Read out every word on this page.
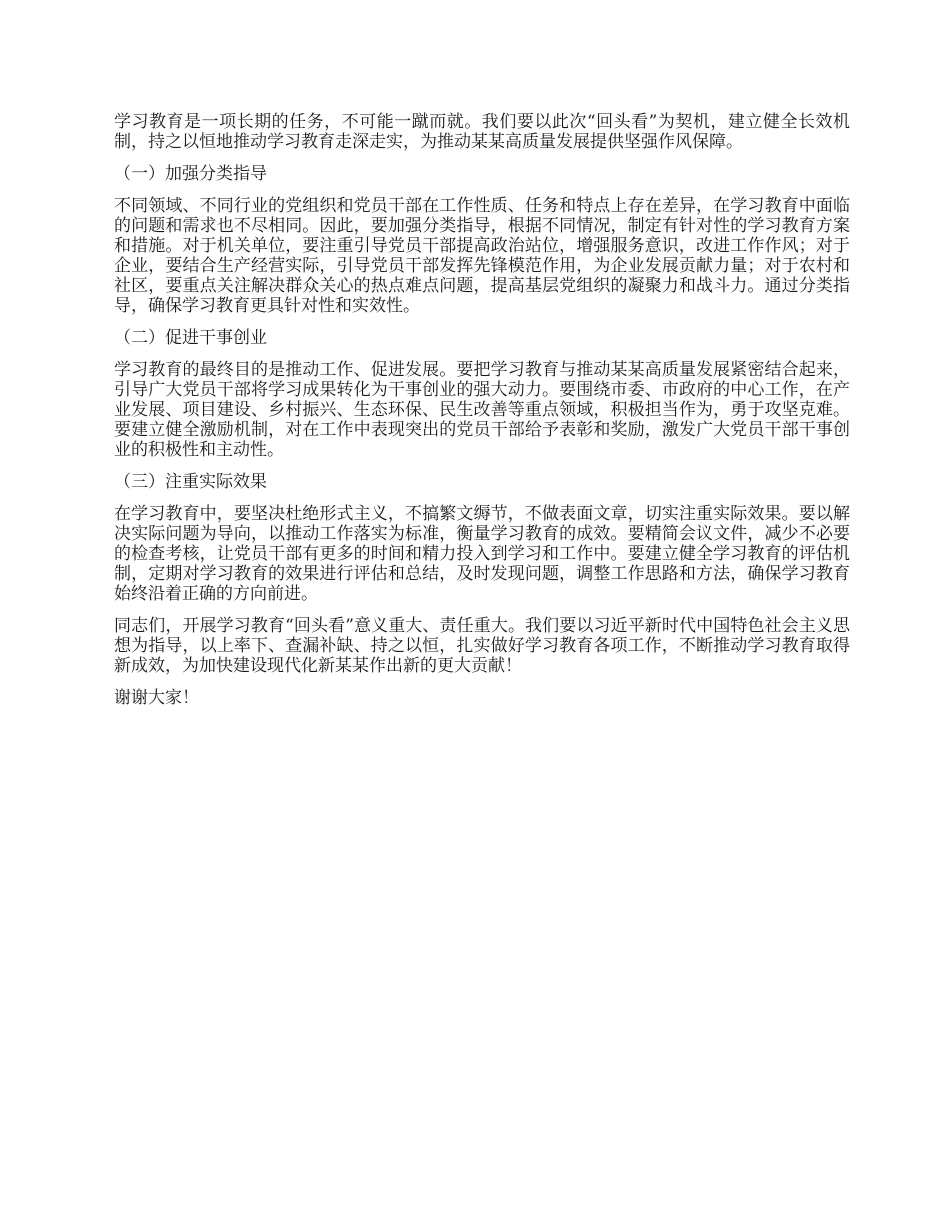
学习教育是一项长期的任务，不可能一蹴而就。我们要以此次“回头看”为契机，建立健全长效机制，持之以恒地推动学习教育走深走实，为推动某某高质量发展提供坚强作风保障。

（一）加强分类指导

不同领域、不同行业的党组织和党员干部在工作性质、任务和特点上存在差异，在学习教育中面临的问题和需求也不尽相同。因此，要加强分类指导，根据不同情况，制定有针对性的学习教育方案和措施。对于机关单位，要注重引导党员干部提高政治站位，增强服务意识，改进工作作风；对于企业，要结合生产经营实际，引导党员干部发挥先锋模范作用，为企业发展贡献力量；对于农村和社区，要重点关注解决群众关心的热点难点问题，提高基层党组织的凝聚力和战斗力。通过分类指导，确保学习教育更具针对性和实效性。

（二）促进干事创业

学习教育的最终目的是推动工作、促进发展。要把学习教育与推动某某高质量发展紧密结合起来，引导广大党员干部将学习成果转化为干事创业的强大动力。要围绕市委、市政府的中心工作，在产业发展、项目建设、乡村振兴、生态环保、民生改善等重点领域，积极担当作为，勇于攻坚克难。要建立健全激励机制，对在工作中表现突出的党员干部给予表彰和奖励，激发广大党员干部干事创业的积极性和主动性。

（三）注重实际效果

在学习教育中，要坚决杜绝形式主义，不搞繁文缛节，不做表面文章，切实注重实际效果。要以解决实际问题为导向，以推动工作落实为标准，衡量学习教育的成效。要精简会议文件，减少不必要的检查考核，让党员干部有更多的时间和精力投入到学习和工作中。要建立健全学习教育的评估机制，定期对学习教育的效果进行评估和总结，及时发现问题，调整工作思路和方法，确保学习教育始终沿着正确的方向前进。

同志们，开展学习教育“回头看”意义重大、责任重大。我们要以习近平新时代中国特色社会主义思想为指导，以上率下、查漏补缺、持之以恒，扎实做好学习教育各项工作，不断推动学习教育取得新成效，为加快建设现代化新某某作出新的更大贡献！

谢谢大家！
